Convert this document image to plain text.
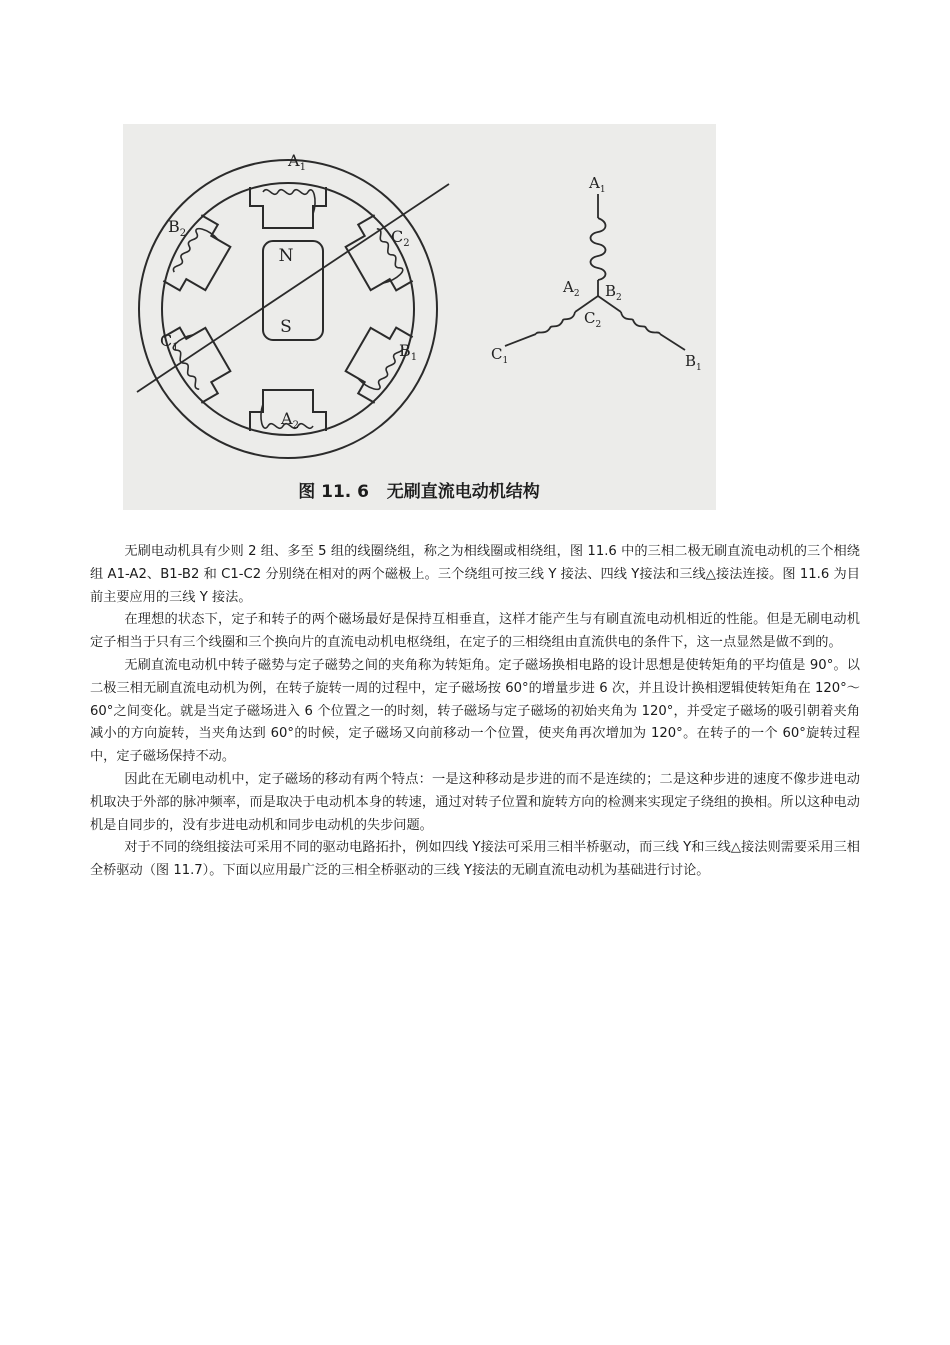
N
S
$A_1$
$A_2$
$B_1$
$B_2$
$C_1$
$C_2$
$A_1$
$A_2$ $B_2$
$C_2$
$C_1$	$B_1$
图 11. 6   无刷直流电动机结构

无刷电动机具有少则 2 组、多至 5 组的线圈绕组，称之为相线圈或相绕组，图 11.6 中的三相二极无刷直流电动机的三个相绕组 A1-A2、B1-B2 和 C1-C2 分别绕在相对的两个磁极上。三个绕组可按三线 Y 接法、四线 Y接法和三线△接法连接。图 11.6 为目前主要应用的三线 Y 接法。

在理想的状态下，定子和转子的两个磁场最好是保持互相垂直，这样才能产生与有刷直流电动机相近的性能。但是无刷电动机定子相当于只有三个线圈和三个换向片的直流电动机电枢绕组，在定子的三相绕组由直流供电的条件下，这一点显然是做不到的。

无刷直流电动机中转子磁势与定子磁势之间的夹角称为转矩角。定子磁场换相电路的设计思想是使转矩角的平均值是 90°。以二极三相无刷直流电动机为例，在转子旋转一周的过程中，定子磁场按 60°的增量步进 6 次，并且设计换相逻辑使转矩角在 120°～60°之间变化。就是当定子磁场进入 6 个位置之一的时刻，转子磁场与定子磁场的初始夹角为 120°，并受定子磁场的吸引朝着夹角减小的方向旋转，当夹角达到 60°的时候，定子磁场又向前移动一个位置，使夹角再次增加为 120°。在转子的一个 60°旋转过程中，定子磁场保持不动。

因此在无刷电动机中，定子磁场的移动有两个特点：一是这种移动是步进的而不是连续的；二是这种步进的速度不像步进电动机取决于外部的脉冲频率，而是取决于电动机本身的转速，通过对转子位置和旋转方向的检测来实现定子绕组的换相。所以这种电动机是自同步的，没有步进电动机和同步电动机的失步问题。

对于不同的绕组接法可采用不同的驱动电路拓扑，例如四线 Y接法可采用三相半桥驱动，而三线 Y和三线△接法则需要采用三相全桥驱动（图 11.7）。下面以应用最广泛的三相全桥驱动的三线 Y接法的无刷直流电动机为基础进行讨论。
